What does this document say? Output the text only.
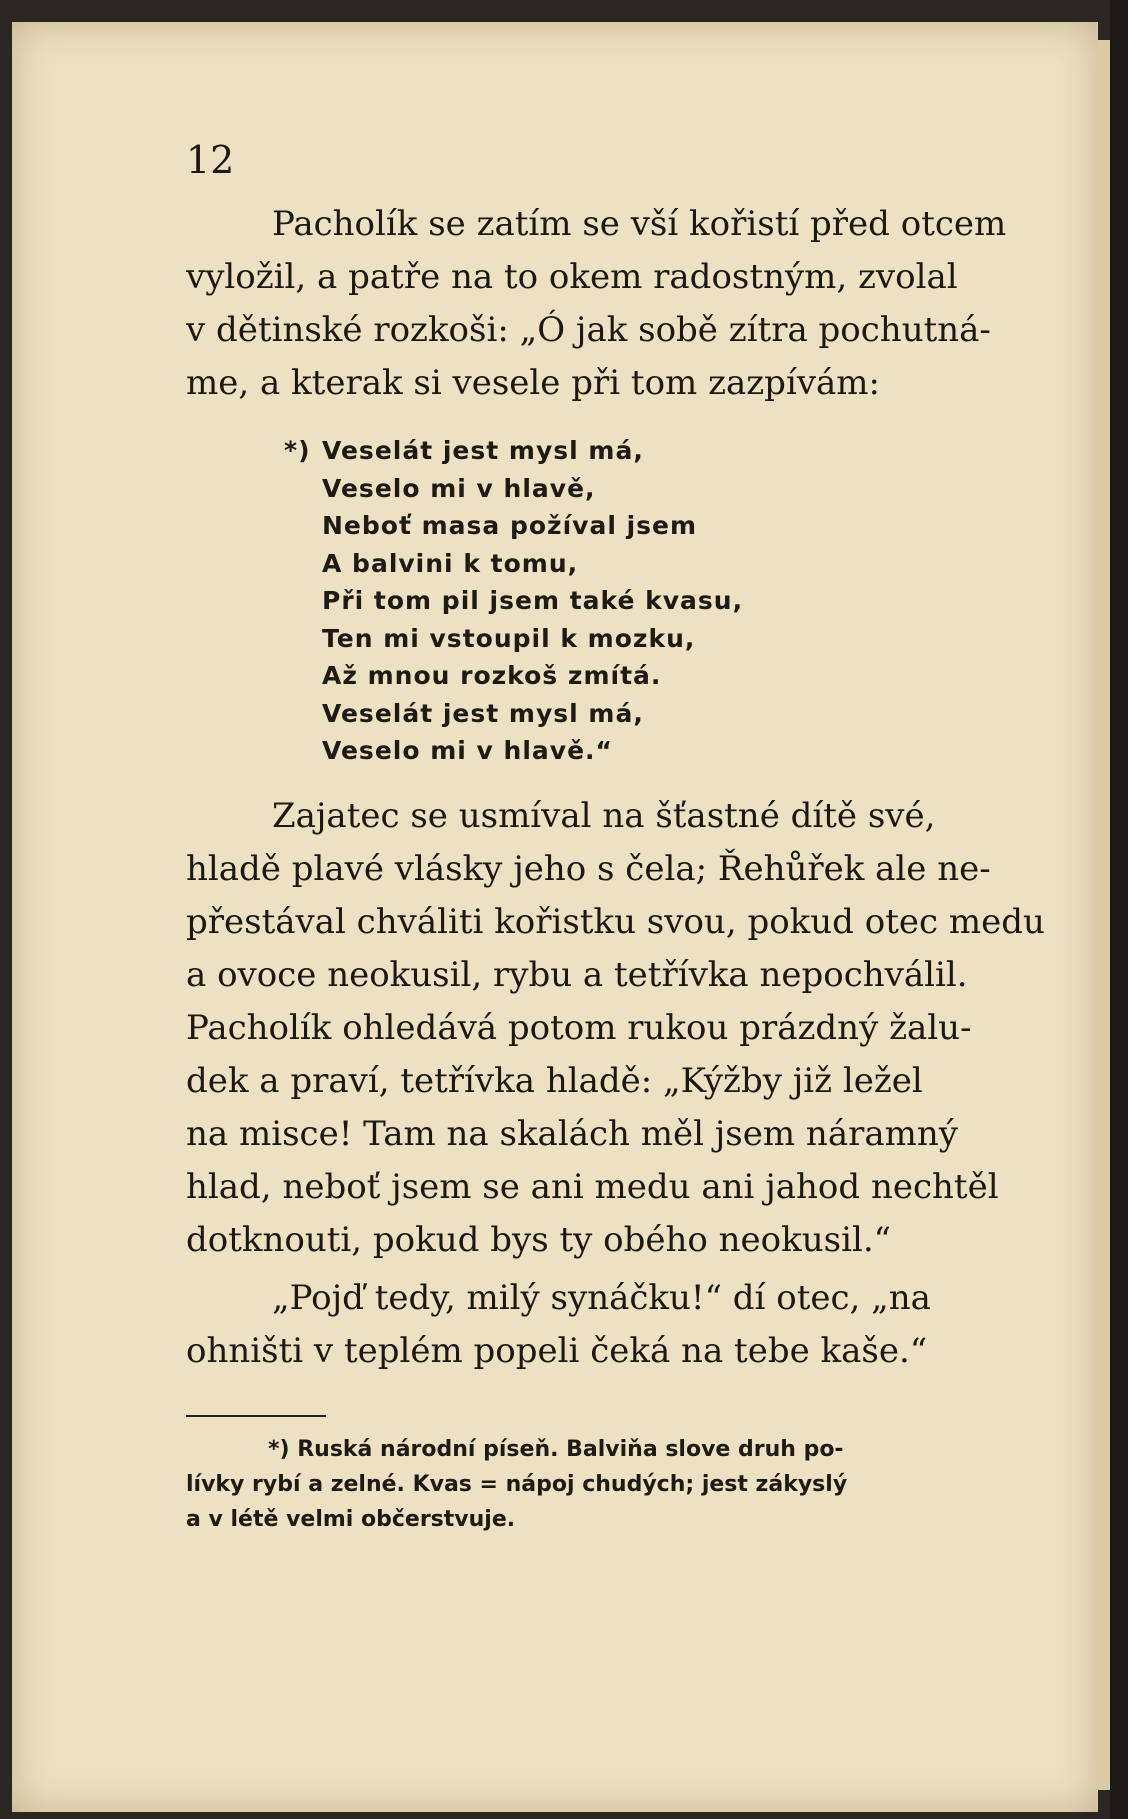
12
Pacholík se zatím se vší kořistí před otcem
vyložil, a patře na to okem radostným, zvolal
v dětinské rozkoši: „Ó jak sobě zítra pochutná-
me, a kterak si vesele při tom zazpívám:
*) Veselát jest mysl má,
Veselo mi v hlavě,
Neboť masa požíval jsem
A balvini k tomu,
Při tom pil jsem také kvasu,
Ten mi vstoupil k mozku,
Až mnou rozkoš zmítá.
Veselát jest mysl má,
Veselo mi v hlavě.“
Zajatec se usmíval na šťastné dítě své,
hladě plavé vlásky jeho s čela; Řehůřek ale ne-
přestával chváliti kořistku svou, pokud otec medu
a ovoce neokusil, rybu a tetřívka nepochválil.
Pacholík ohledává potom rukou prázdný žalu-
dek a praví, tetřívka hladě: „Kýžby již ležel
na misce! Tam na skalách měl jsem náramný
hlad, neboť jsem se ani medu ani jahod nechtěl
dotknouti, pokud bys ty obého neokusil.“
„Pojď tedy, milý synáčku!“ dí otec, „na
ohništi v teplém popeli čeká na tebe kaše.“
*) Ruská národní píseň. Balviňa slove druh po-
lívky rybí a zelné. Kvas = nápoj chudých; jest zákyslý
a v létě velmi občerstvuje.
